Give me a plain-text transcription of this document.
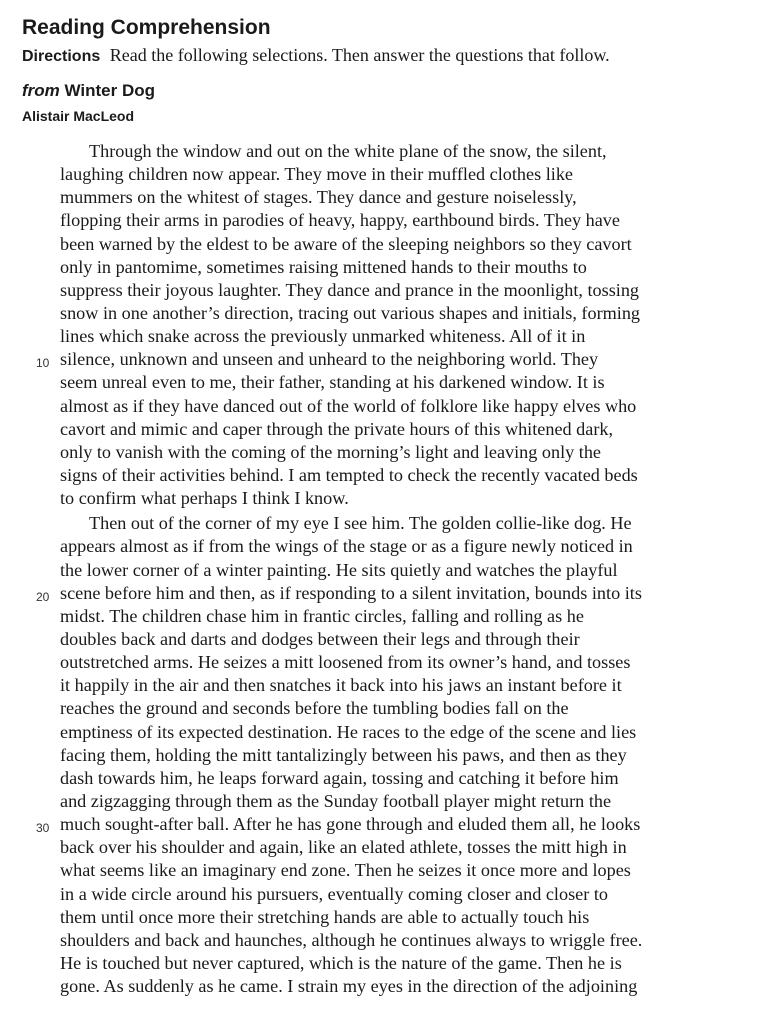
Reading Comprehension
Directions Read the following selections. Then answer the questions that follow.
from Winter Dog
Alistair MacLeod
Through the window and out on the white plane of the snow, the silent,
laughing children now appear. They move in their muffled clothes like
mummers on the whitest of stages. They dance and gesture noiselessly,
flopping their arms in parodies of heavy, happy, earthbound birds. They have
been warned by the eldest to be aware of the sleeping neighbors so they cavort
only in pantomime, sometimes raising mittened hands to their mouths to
suppress their joyous laughter. They dance and prance in the moonlight, tossing
snow in one another’s direction, tracing out various shapes and initials, forming
lines which snake across the previously unmarked whiteness. All of it in
10 silence, unknown and unseen and unheard to the neighboring world. They
seem unreal even to me, their father, standing at his darkened window. It is
almost as if they have danced out of the world of folklore like happy elves who
cavort and mimic and caper through the private hours of this whitened dark,
only to vanish with the coming of the morning’s light and leaving only the
signs of their activities behind. I am tempted to check the recently vacated beds
to confirm what perhaps I think I know.
Then out of the corner of my eye I see him. The golden collie-like dog. He
appears almost as if from the wings of the stage or as a figure newly noticed in
the lower corner of a winter painting. He sits quietly and watches the playful
20 scene before him and then, as if responding to a silent invitation, bounds into its
midst. The children chase him in frantic circles, falling and rolling as he
doubles back and darts and dodges between their legs and through their
outstretched arms. He seizes a mitt loosened from its owner’s hand, and tosses
it happily in the air and then snatches it back into his jaws an instant before it
reaches the ground and seconds before the tumbling bodies fall on the
emptiness of its expected destination. He races to the edge of the scene and lies
facing them, holding the mitt tantalizingly between his paws, and then as they
dash towards him, he leaps forward again, tossing and catching it before him
and zigzagging through them as the Sunday football player might return the
30 much sought-after ball. After he has gone through and eluded them all, he looks
back over his shoulder and again, like an elated athlete, tosses the mitt high in
what seems like an imaginary end zone. Then he seizes it once more and lopes
in a wide circle around his pursuers, eventually coming closer and closer to
them until once more their stretching hands are able to actually touch his
shoulders and back and haunches, although he continues always to wriggle free.
He is touched but never captured, which is the nature of the game. Then he is
gone. As suddenly as he came. I strain my eyes in the direction of the adjoining
